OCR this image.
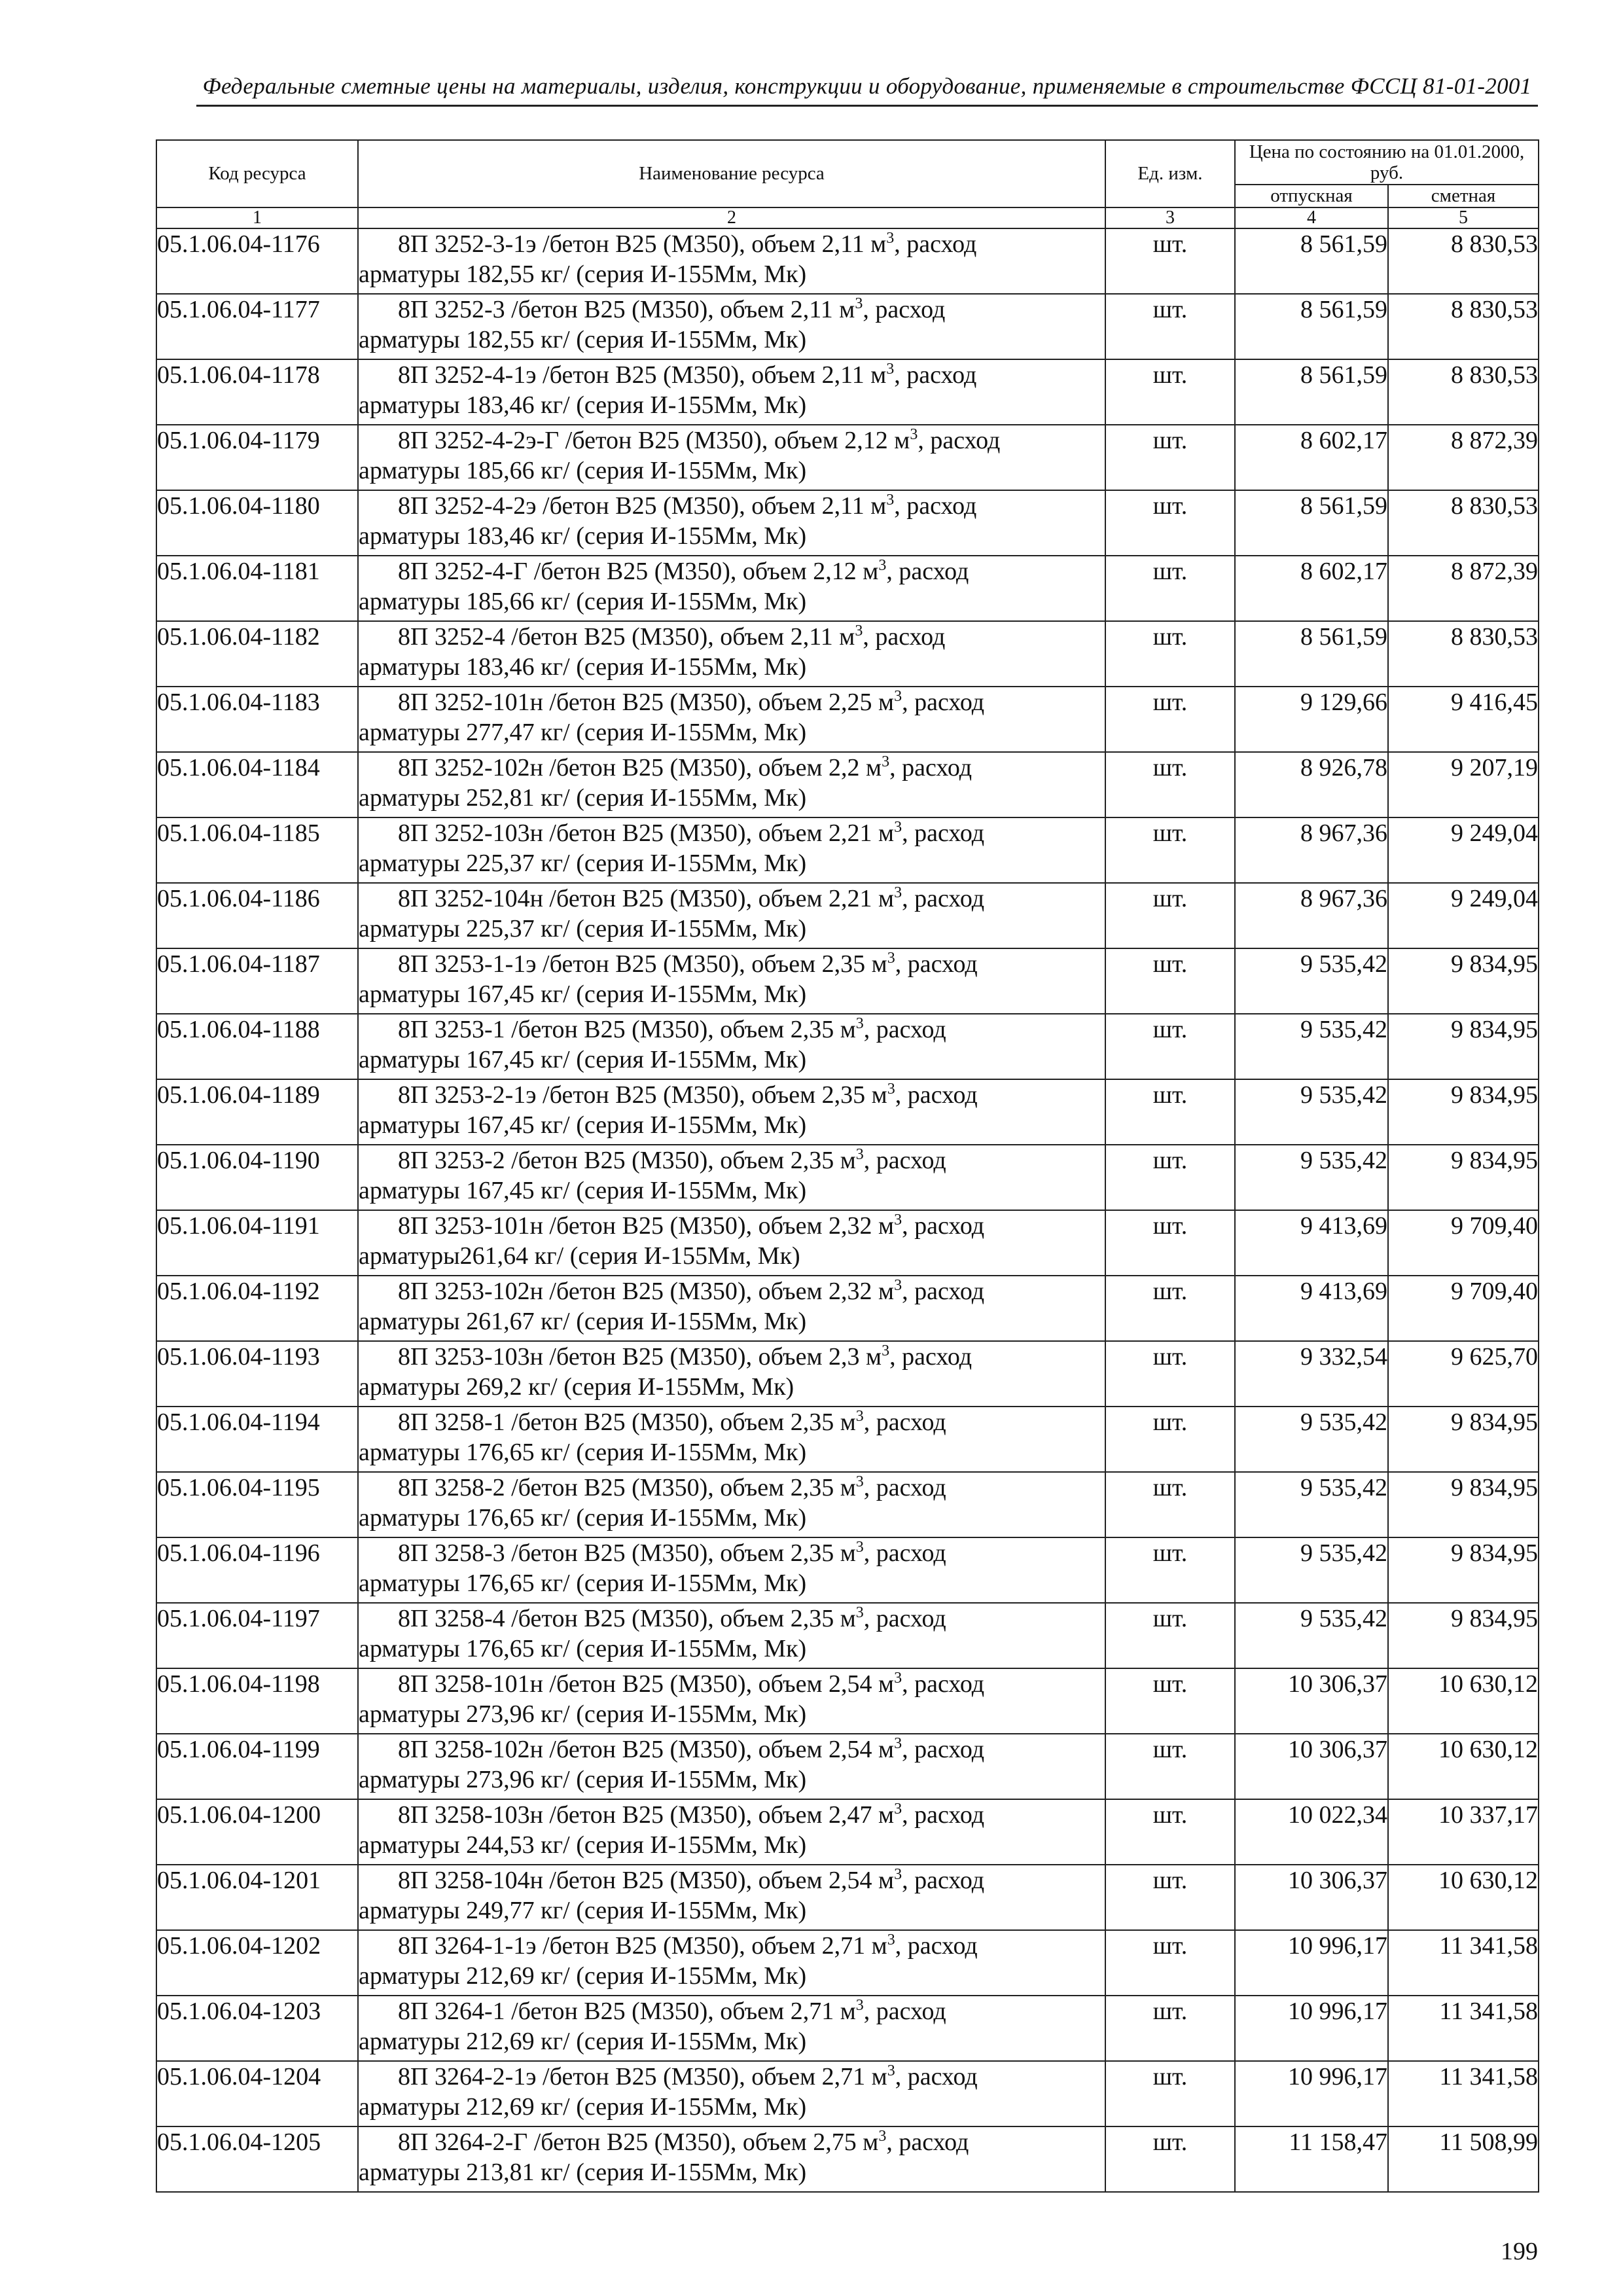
Федеральные сметные цены на материалы, изделия, конструкции и оборудование, применяемые в строительстве ФССЦ 81-01-2001
Код ресурса	Наименование ресурса	Ед. изм.	Цена по состоянию на 01.01.2000, руб.	
			отпускная	сметная
1	2	3	4	5
05.1.06.04-1176	8П 3252-3-1э /бетон В25 (М350), объем 2,11 $м^3$, расход
арматуры 182,55 кг/ (серия И-155Мм, Мк)	шт.	8 561,59	8 830,53
05.1.06.04-1177	8П 3252-3 /бетон В25 (М350), объем 2,11 $м^3$, расход
арматуры 182,55 кг/ (серия И-155Мм, Мк)	шт.	8 561,59	8 830,53
05.1.06.04-1178	8П 3252-4-1э /бетон В25 (М350), объем 2,11 $м^3$, расход
арматуры 183,46 кг/ (серия И-155Мм, Мк)	шт.	8 561,59	8 830,53
05.1.06.04-1179	8П 3252-4-2э-Г /бетон В25 (М350), объем 2,12 $м^3$, расход
арматуры 185,66 кг/ (серия И-155Мм, Мк)	шт.	8 602,17	8 872,39
05.1.06.04-1180	8П 3252-4-2э /бетон В25 (М350), объем 2,11 $м^3$, расход
арматуры 183,46 кг/ (серия И-155Мм, Мк)	шт.	8 561,59	8 830,53
05.1.06.04-1181	8П 3252-4-Г /бетон В25 (М350), объем 2,12 $м^3$, расход
арматуры 185,66 кг/ (серия И-155Мм, Мк)	шт.	8 602,17	8 872,39
05.1.06.04-1182	8П 3252-4 /бетон В25 (М350), объем 2,11 $м^3$, расход
арматуры 183,46 кг/ (серия И-155Мм, Мк)	шт.	8 561,59	8 830,53
05.1.06.04-1183	8П 3252-101н /бетон В25 (М350), объем 2,25 $м^3$, расход
арматуры 277,47 кг/ (серия И-155Мм, Мк)	шт.	9 129,66	9 416,45
05.1.06.04-1184	8П 3252-102н /бетон В25 (М350), объем 2,2 $м^3$, расход
арматуры 252,81 кг/ (серия И-155Мм, Мк)	шт.	8 926,78	9 207,19
05.1.06.04-1185	8П 3252-103н /бетон В25 (М350), объем 2,21 $м^3$, расход
арматуры 225,37 кг/ (серия И-155Мм, Мк)	шт.	8 967,36	9 249,04
05.1.06.04-1186	8П 3252-104н /бетон В25 (М350), объем 2,21 $м^3$, расход
арматуры 225,37 кг/ (серия И-155Мм, Мк)	шт.	8 967,36	9 249,04
05.1.06.04-1187	8П 3253-1-1э /бетон В25 (М350), объем 2,35 $м^3$, расход
арматуры 167,45 кг/ (серия И-155Мм, Мк)	шт.	9 535,42	9 834,95
05.1.06.04-1188	8П 3253-1 /бетон В25 (М350), объем 2,35 $м^3$, расход
арматуры 167,45 кг/ (серия И-155Мм, Мк)	шт.	9 535,42	9 834,95
05.1.06.04-1189	8П 3253-2-1э /бетон В25 (М350), объем 2,35 $м^3$, расход
арматуры 167,45 кг/ (серия И-155Мм, Мк)	шт.	9 535,42	9 834,95
05.1.06.04-1190	8П 3253-2 /бетон В25 (М350), объем 2,35 $м^3$, расход
арматуры 167,45 кг/ (серия И-155Мм, Мк)	шт.	9 535,42	9 834,95
05.1.06.04-1191	8П 3253-101н /бетон В25 (М350), объем 2,32 $м^3$, расход
арматуры261,64 кг/ (серия И-155Мм, Мк)	шт.	9 413,69	9 709,40
05.1.06.04-1192	8П 3253-102н /бетон В25 (М350), объем 2,32 $м^3$, расход
арматуры 261,67 кг/ (серия И-155Мм, Мк)	шт.	9 413,69	9 709,40
05.1.06.04-1193	8П 3253-103н /бетон В25 (М350), объем 2,3 $м^3$, расход
арматуры 269,2 кг/ (серия И-155Мм, Мк)	шт.	9 332,54	9 625,70
05.1.06.04-1194	8П 3258-1 /бетон В25 (М350), объем 2,35 $м^3$, расход
арматуры 176,65 кг/ (серия И-155Мм, Мк)	шт.	9 535,42	9 834,95
05.1.06.04-1195	8П 3258-2 /бетон В25 (М350), объем 2,35 $м^3$, расход
арматуры 176,65 кг/ (серия И-155Мм, Мк)	шт.	9 535,42	9 834,95
05.1.06.04-1196	8П 3258-3 /бетон В25 (М350), объем 2,35 $м^3$, расход
арматуры 176,65 кг/ (серия И-155Мм, Мк)	шт.	9 535,42	9 834,95
05.1.06.04-1197	8П 3258-4 /бетон В25 (М350), объем 2,35 $м^3$, расход
арматуры 176,65 кг/ (серия И-155Мм, Мк)	шт.	9 535,42	9 834,95
05.1.06.04-1198	8П 3258-101н /бетон В25 (М350), объем 2,54 $м^3$, расход
арматуры 273,96 кг/ (серия И-155Мм, Мк)	шт.	10 306,37	10 630,12
05.1.06.04-1199	8П 3258-102н /бетон В25 (М350), объем 2,54 $м^3$, расход
арматуры 273,96 кг/ (серия И-155Мм, Мк)	шт.	10 306,37	10 630,12
05.1.06.04-1200	8П 3258-103н /бетон В25 (М350), объем 2,47 $м^3$, расход
арматуры 244,53 кг/ (серия И-155Мм, Мк)	шт.	10 022,34	10 337,17
05.1.06.04-1201	8П 3258-104н /бетон В25 (М350), объем 2,54 $м^3$, расход
арматуры 249,77 кг/ (серия И-155Мм, Мк)	шт.	10 306,37	10 630,12
05.1.06.04-1202	8П 3264-1-1э /бетон В25 (М350), объем 2,71 $м^3$, расход
арматуры 212,69 кг/ (серия И-155Мм, Мк)	шт.	10 996,17	11 341,58
05.1.06.04-1203	8П 3264-1 /бетон В25 (М350), объем 2,71 $м^3$, расход
арматуры 212,69 кг/ (серия И-155Мм, Мк)	шт.	10 996,17	11 341,58
05.1.06.04-1204	8П 3264-2-1э /бетон В25 (М350), объем 2,71 $м^3$, расход
арматуры 212,69 кг/ (серия И-155Мм, Мк)	шт.	10 996,17	11 341,58
05.1.06.04-1205	8П 3264-2-Г /бетон В25 (М350), объем 2,75 $м^3$, расход
арматуры 213,81 кг/ (серия И-155Мм, Мк)	шт.	11 158,47	11 508,99
199
